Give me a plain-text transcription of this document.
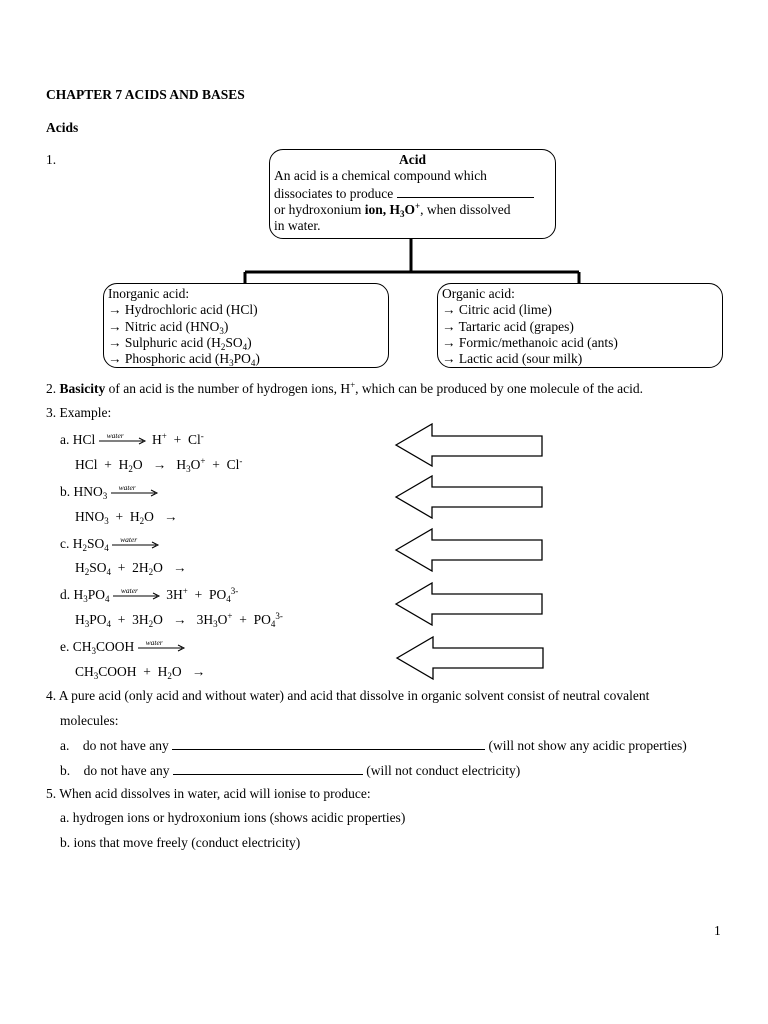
CHAPTER 7 ACIDS AND BASES
Acids
1.	Acid
An acid is a chemical compound which
dissociates to produce
or hydroxonium ion, $H_3O^+$, when dissolved
in water.
Inorganic acid:
→ Hydrochloric acid (HCl)
→ Nitric acid $(HNO_3)$
→ Sulphuric acid $(H_2SO_4)$
→ Phosphoric acid $(H_3PO_4)$
Organic acid:
→ Citric acid (lime)
→ Tartaric acid (grapes)
→ Formic/methanoic acid (ants)
→ Lactic acid (sour milk)
2. Basicity of an acid is the number of hydrogen ions, H+, which can be produced by one molecule of the acid.
3. Example:
a. HCl water H+  +  Cl-
HCl  +  $H_2O \to H_3O^+ + Cl^-$
b. $HNO_3$
water
$HNO_3 + H_2O$   →
c. $H_2SO_4$
water
$H_2SO_4 + 2H_2O$   →
d. $H_3PO_4$
water $3H^+ + PO_4^{3-}$
$H_3PO_4 + 3H_2O \to 3H_3O^+ + PO_4^{3-}$
e. $CH_3COOH$ water
$CH_3COOH + H_2O$   →
4. A pure acid (only acid and without water) and acid that dissolve in organic solvent consist of neutral covalent
molecules:
a. do not have any	(will not show any acidic properties)
b. do not have any	(will not conduct electricity)
5. When acid dissolves in water, acid will ionise to produce:
a. hydrogen ions or hydroxonium ions (shows acidic properties)
b. ions that move freely (conduct electricity)
1
